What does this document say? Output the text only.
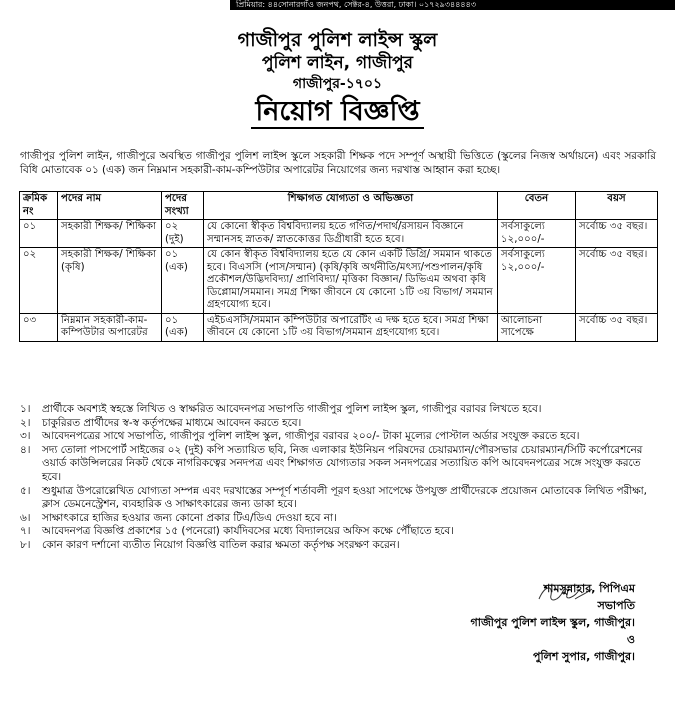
প্রিমিয়ার: ৪৪সোনারগাঁও জনপথ, সেক্টর-৪, উত্তরা, ঢাকা। ০১৭২৯৩৪৪৪৪৩
গাজীপুর পুলিশ লাইন্স স্কুল
পুলিশ লাইন, গাজীপুর
গাজীপুর-১৭০১
নিয়োগ বিজ্ঞপ্তি
গাজীপুর পুলিশ লাইন, গাজীপুরে অবস্থিত গাজীপুর পুলিশ লাইন্স স্কুলে সহকারী শিক্ষক পদে সম্পূর্ণ অস্থায়ী ভিত্তিতে (স্কুলের নিজস্ব অর্থায়নে) এবং সরকারি বিধি মোতাবেক ০১ (এক) জন নিম্নমান সহকারী-কাম-কম্পিউটার অপারেটর নিয়োগের জন্য দরখাস্ত আহ্বান করা হচ্ছে।
ক্রমিক নং	পদের নাম	পদের সংখ্যা	শিক্ষাগত যোগ্যতা ও অভিজ্ঞতা	বেতন	বয়স
০১	সহকারী শিক্ষক/ শিক্ষিকা	০২ (দুই)	যে কোনো স্বীকৃত বিশ্ববিদ্যালয় হতে গণিত/পদার্থ/রসায়ন বিজ্ঞানে সম্মানসহ স্নাতক/ স্নাতকোত্তর ডিগ্রীধারী হতে হবে।	সর্বসাকুল্যে ১২,০০০/-	সর্বোচ্চ ৩৫ বছর।
০২	সহকারী শিক্ষক/ শিক্ষিকা (কৃষি)	০১ (এক)	যে কোন স্বীকৃত বিশ্ববিদ্যালয় হতে যে কোন একটি ডিগ্রি/ সমমান থাকতে হবে। বিএসসি (পাস/সম্মান) (কৃষি/কৃষি অর্থনীতি/মৎস্য/পশুপালন/কৃষি প্রকৌশল/উদ্ভিদবিদ্যা/ প্রাণিবিদ্যা/ মৃত্তিকা বিজ্ঞান/ ডিভিএম অথবা কৃষি ডিপ্লোমা/সমমান। সমগ্র শিক্ষা জীবনে যে কোনো ১টি ৩য় বিভাগ/ সমমান গ্রহণযোগ্য হবে।	সর্বসাকুল্যে ১২,০০০/-	সর্বোচ্চ ৩৫ বছর।
০৩	নিম্নমান সহকারী-কাম- কম্পিউটার অপারেটর	০১ (এক)	এইচএসসি/সমমান কম্পিউটার অপারেটিং এ দক্ষ হতে হবে। সমগ্র শিক্ষা জীবনে যে কোনো ১টি ৩য় বিভাগ/সমমান গ্রহণযোগ্য হবে।	আলোচনা সাপেক্ষে	সর্বোচ্চ ৩৫ বছর।
১।	প্রার্থীকে অবশ্যই স্বহস্তে লিখিত ও স্বাক্ষরিত আবেদনপত্র সভাপতি গাজীপুর পুলিশ লাইন্স স্কুল, গাজীপুর বরাবর লিখতে হবে।
২।	চাকুরিরত প্রার্থীদের স্ব-স্ব কর্তৃপক্ষের মাধ্যমে আবেদন করতে হবে।
৩।	আবেদনপত্রের সাথে সভাপতি, গাজীপুর পুলিশ লাইন্স স্কুল, গাজীপুর বরাবর ২০০/- টাকা মূল্যের পোস্টাল অর্ডার সংযুক্ত করতে হবে।
৪।	সদ্য তোলা পাসপোর্ট সাইজের ০২ (দুই) কপি সত্যায়িত ছবি, নিজ এলাকার ইউনিয়ন পরিষদের চেয়ারম্যান/পৌরসভার চেয়ারম্যান/সিটি কর্পোরেশনের ওয়ার্ড কাউন্সিলরের নিকট থেকে নাগরিকত্বের সনদপত্র এবং শিক্ষাগত যোগ্যতার সকল সনদপত্রের সত্যায়িত কপি আবেদনপত্রের সঙ্গে সংযুক্ত করতে হবে।
৫।	শুধুমাত্র উপরোল্লেখিত যোগ্যতা সম্পন্ন এবং দরখাস্তের সম্পূর্ণ শর্তাবলী পূরণ হওয়া সাপেক্ষে উপযুক্ত প্রার্থীদেরকে প্রয়োজন মোতাবেক লিখিত পরীক্ষা, ক্লাস ডেমনেস্ট্রেশন, ব্যবহারিক ও সাক্ষাৎকারের জন্য ডাকা হবে।
৬।	সাক্ষাৎকারে হাজির হওয়ার জন্য কোনো প্রকার টিএ/ডিএ দেওয়া হবে না।
৭।	আবেদনপত্র বিজ্ঞপ্তি প্রকাশের ১৫ (পনেরো) কার্যদিবসের মধ্যে বিদ্যালয়ের অফিস কক্ষে পৌঁছাতে হবে।
৮।	কোন কারণ দর্শানো ব্যতীত নিয়োগ বিজ্ঞপ্তি বাতিল করার ক্ষমতা কর্তৃপক্ষ সংরক্ষণ করেন।
শামসুন্নাহার, পিপিএম
সভাপতি
গাজীপুর পুলিশ লাইন্স স্কুল, গাজীপুর।
ও
পুলিশ সুপার, গাজীপুর।
